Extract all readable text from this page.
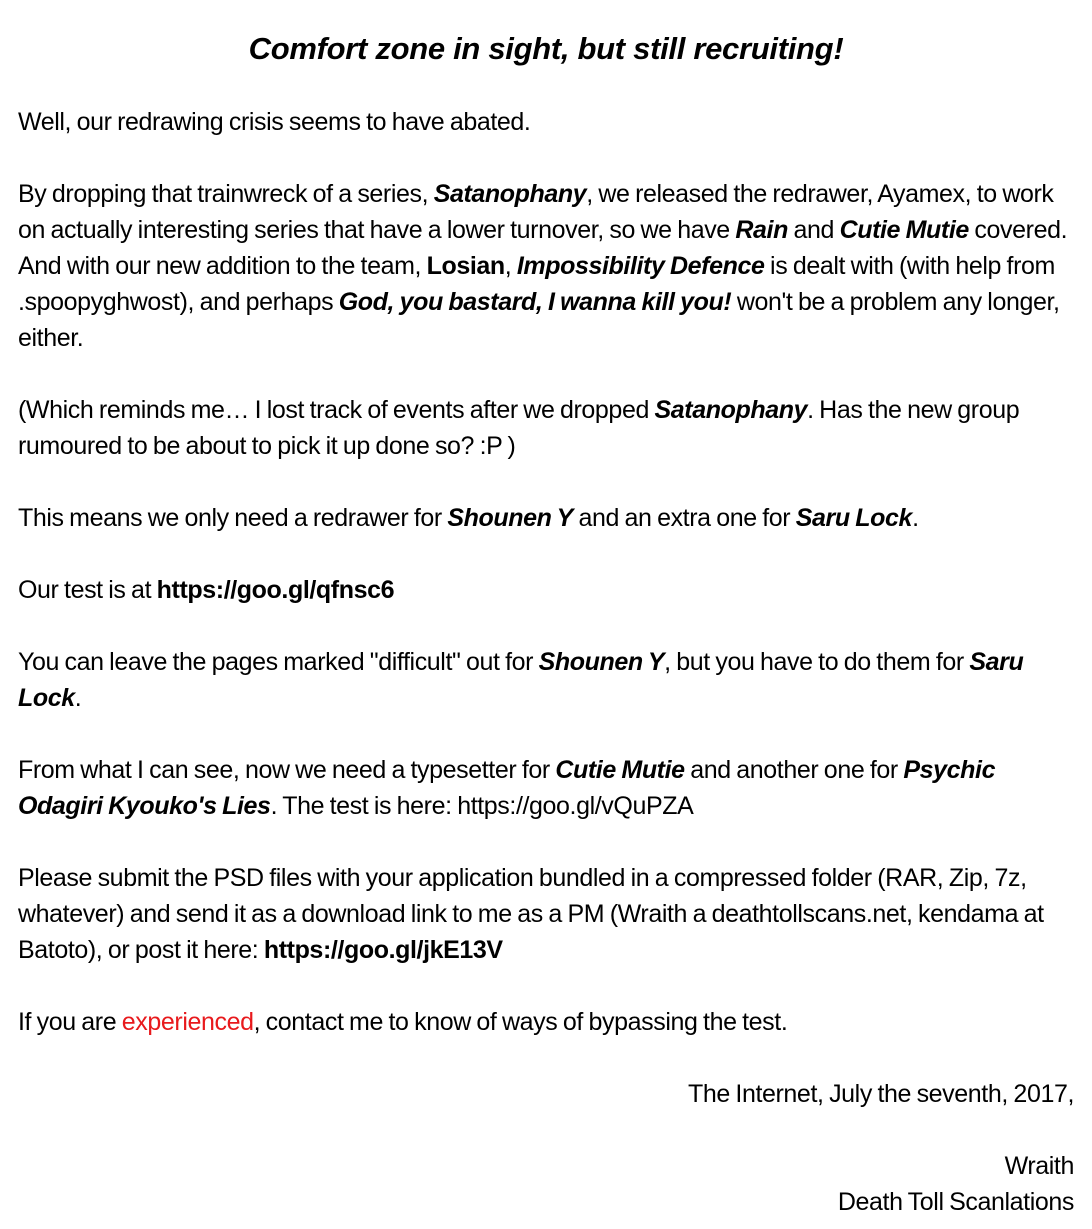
Comfort zone in sight, but still recruiting!

Well, our redrawing crisis seems to have abated.

By dropping that trainwreck of a series, Satanophany, we released the redrawer, Ayamex, to work on actually interesting series that have a lower turnover, so we have Rain and Cutie Mutie covered. And with our new addition to the team, Losian, Impossibility Defence is dealt with (with help from .spoopyghwost), and perhaps God, you bastard, I wanna kill you! won't be a problem any longer, either.

(Which reminds me… I lost track of events after we dropped Satanophany. Has the new group rumoured to be about to pick it up done so? :P )

This means we only need a redrawer for Shounen Y and an extra one for Saru Lock.

Our test is at https://goo.gl/qfnsc6

You can leave the pages marked "difficult" out for Shounen Y, but you have to do them for Saru Lock.

From what I can see, now we need a typesetter for Cutie Mutie and another one for Psychic Odagiri Kyouko's Lies. The test is here: https://goo.gl/vQuPZA

Please submit the PSD files with your application bundled in a compressed folder (RAR, Zip, 7z, whatever) and send it as a download link to me as a PM (Wraith a deathtollscans.net, kendama at Batoto), or post it here: https://goo.gl/jkE13V

If you are experienced, contact me to know of ways of bypassing the test.

The Internet, July the seventh, 2017,

Wraith

Death Toll Scanlations
